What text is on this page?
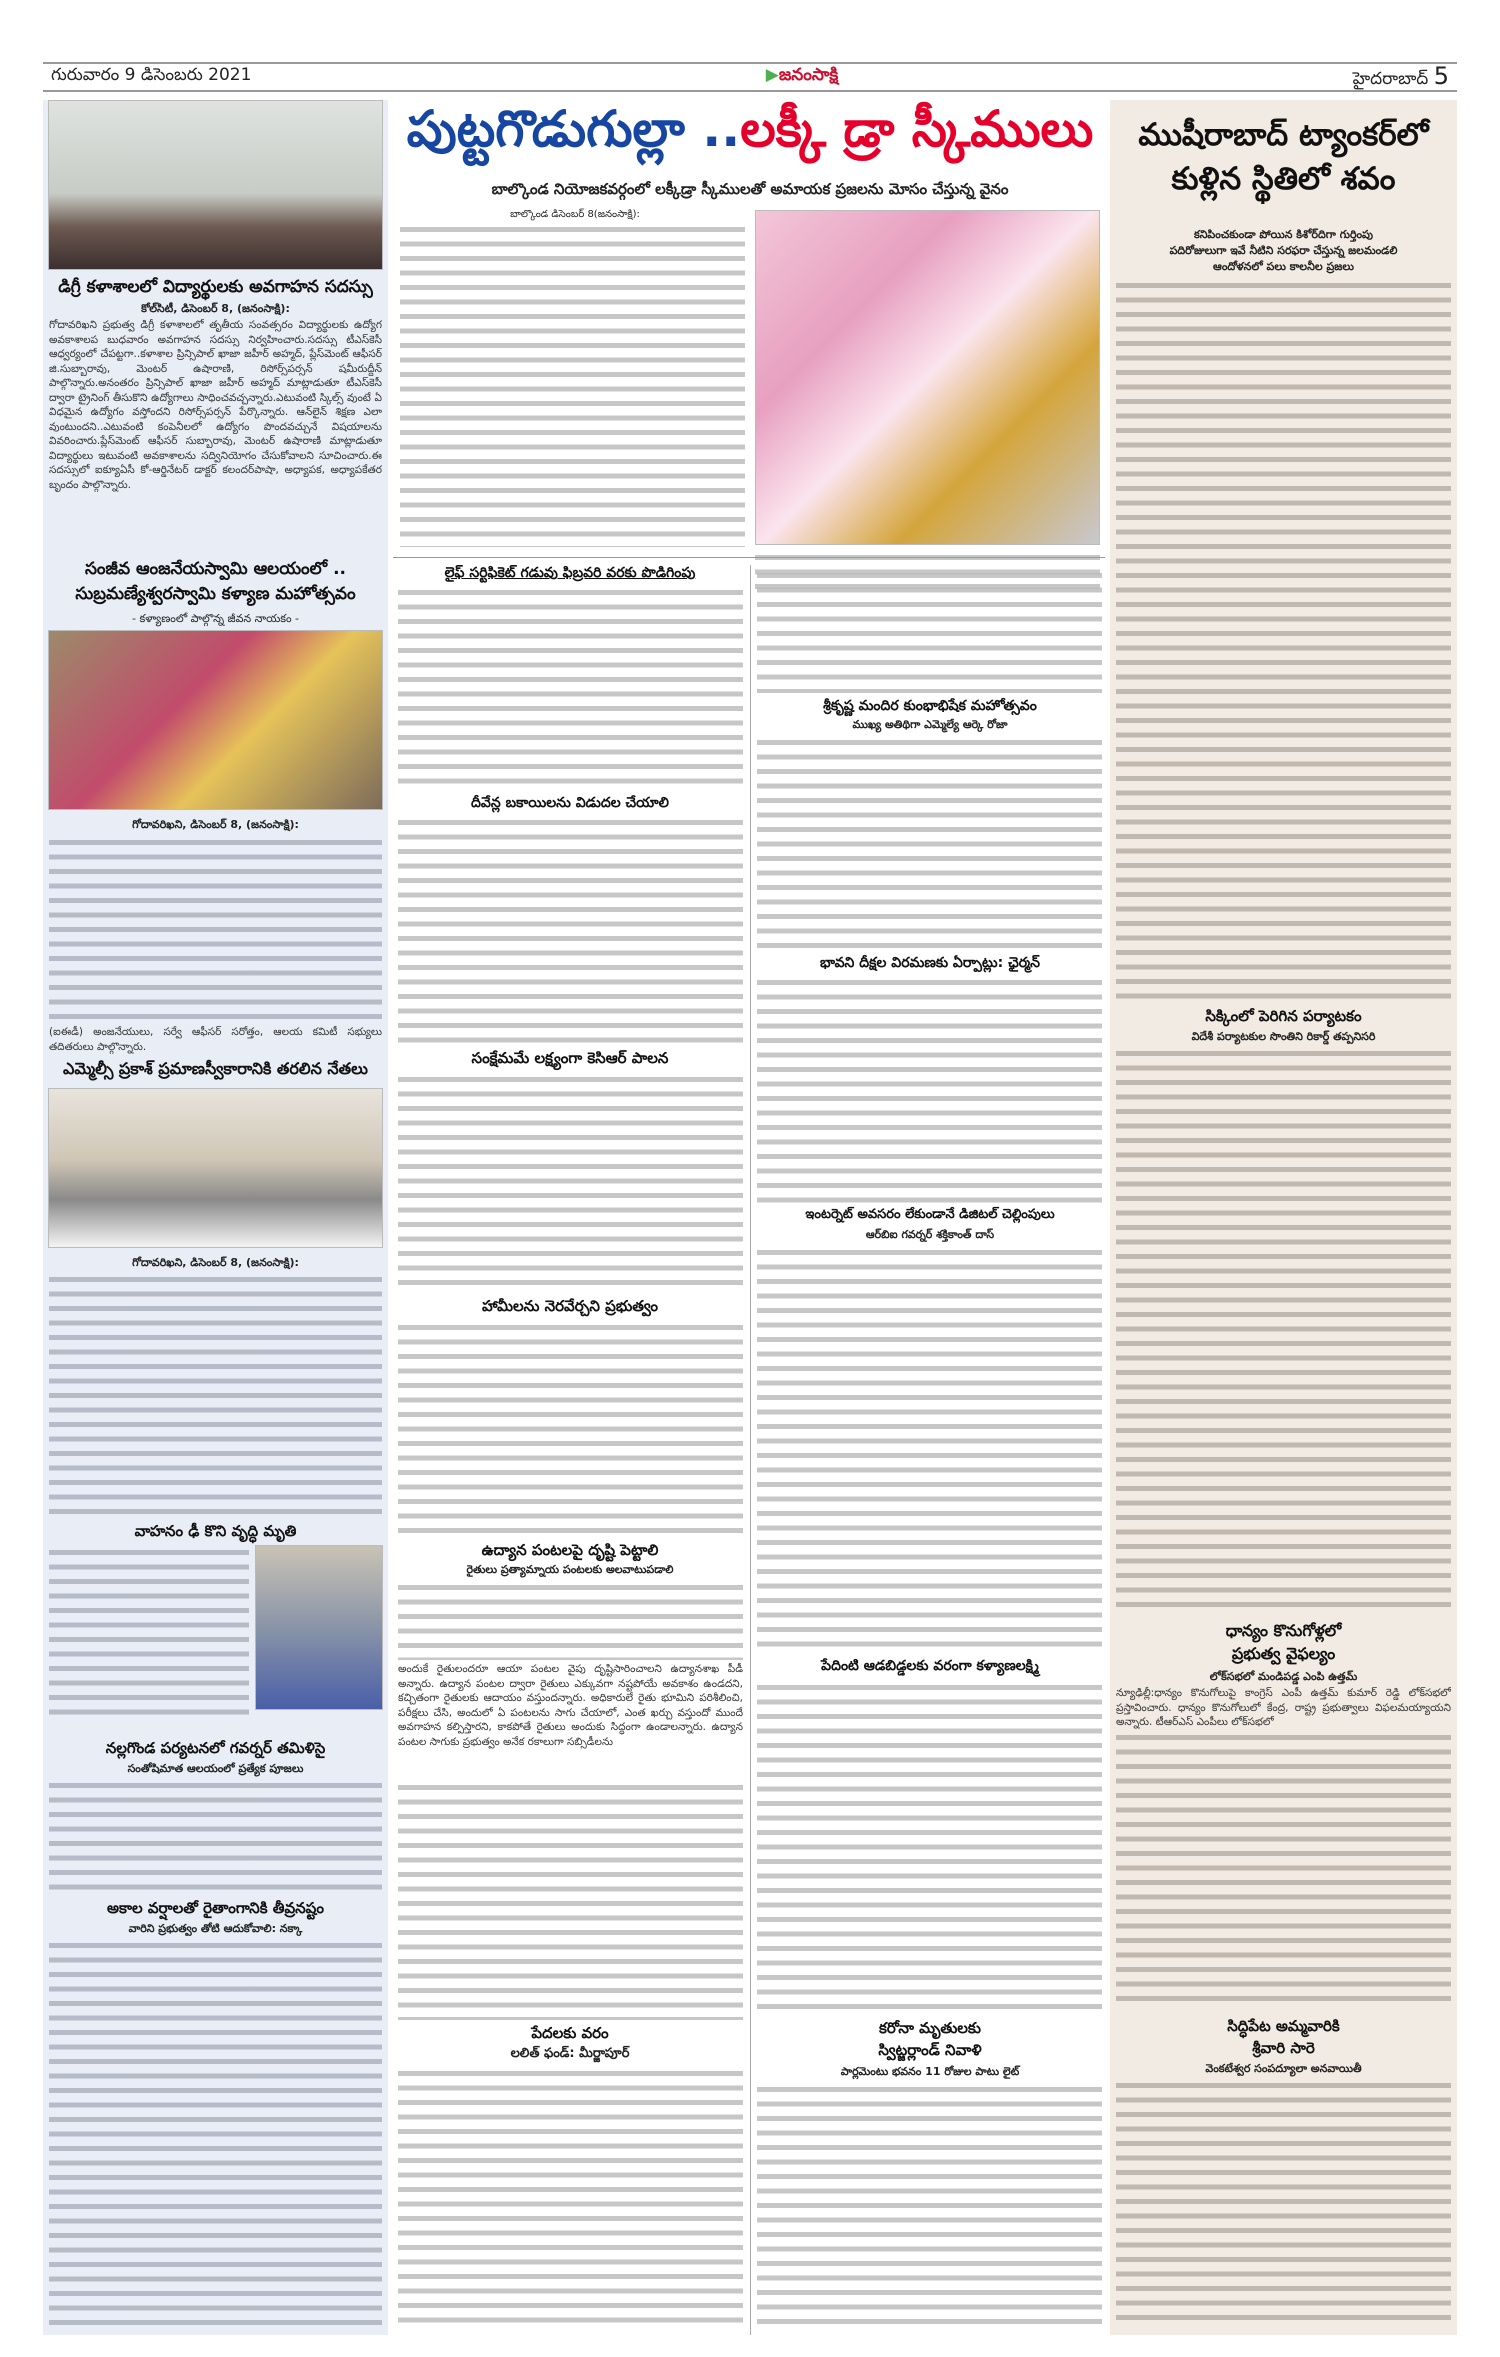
గురువారం 9 డిసెంబరు 2021	▶జనంసాక్షి	హైదరాబాద్ 5
డిగ్రీ కళాశాలలో విద్యార్థులకు అవగాహన సదస్సు
కోల్‌సిటీ, డిసెంబర్ 8, (జనంసాక్షి):
గోదావరిఖని ప్రభుత్వ డిగ్రీ కళాశాలలో తృతీయ సంవత్సరం విద్యార్థులకు ఉద్యోగ అవకాశాలప బుధవారం అవగాహన సదస్సు నిర్వహించారు.సదస్సు టీఎస్‌కెసీ ఆధ్వర్యంలో చేపట్టగా..కళాశాల ప్రిన్సిపాల్ ఖాజా జహీర్ అహ్మద్, ప్లేస్‌మెంట్ ఆఫీసర్ జి.సుబ్బారావు, మెంటర్ ఉషారాణి, రిసోర్స్‌పర్సన్ షమీరుద్దీన్ పాల్గొన్నారు.అనంతరం ప్రిన్సిపాల్ ఖాజా జహీర్ అహ్మద్ మాట్లాడుతూ టీఎస్‌కెసీ ద్వారా ట్రైనింగ్ తీసుకొని ఉద్యోగాలు సాధించవచ్చన్నారు.ఎటువంటి స్కిల్స్ వుంటే ఏ విధమైన ఉద్యోగం వస్తోందని రిసోర్స్‌పర్సన్ పేర్కొన్నారు. ఆన్‌లైన్ శిక్షణ ఎలా వుంటుందని..ఎటువంటి కంపెనీలలో ఉద్యోగం పొందవచ్చునే విషయాలను వివరించారు.ప్లేస్‌మెంట్ ఆఫీసర్ సుబ్బారావు, మెంటర్ ఉషారాణి మాట్లాడుతూ విద్యార్థులు ఇటువంటి అవకాశాలను సద్వినియోగం చేసుకోవాలని సూచించారు.ఈ సదస్సులో ఐక్యూఏసీ కో-ఆర్డినేటర్ డాక్టర్ కలందర్‌పాషా, అధ్యాపక, అధ్యాపకేతర బృందం పాల్గొన్నారు.
సంజీవ ఆంజనేయస్వామి ఆలయంలో ..
సుబ్రమణ్యేశ్వరస్వామి కళ్యాణ మహోత్సవం
- కళ్యాణంలో పాల్గొన్న జీవన నాయకం -
గోదావరిఖని, డిసెంబర్ 8, (జనంసాక్షి):
(ఐఈడీ) అంజనేయులు, సర్వే ఆఫీసర్ సరోత్తం, ఆలయ కమిటీ సభ్యులు తదితరులు పాల్గొన్నారు.
ఎమ్మెల్సీ ప్రకాశ్ ప్రమాణస్వీకారానికి తరలిన నేతలు
గోదావరిఖని, డిసెంబర్ 8, (జనంసాక్షి):
వాహనం ఢీ కొని వృద్ధి మృతి
నల్లగొండ పర్యటనలో గవర్నర్ తమిళిసై
సంతోషిమాత ఆలయంలో ప్రత్యేక పూజలు
అకాల వర్షాలతో రైతాంగానికి తీవ్రనష్టం
వారిని ప్రభుత్వం తోటి ఆదుకోవాలి: నక్కా
పుట్టగొడుగుల్లా ..లక్కీ డ్రా స్కీములు
బాల్కొండ నియోజకవర్గంలో లక్కీడ్రా స్కీములతో అమాయక ప్రజలను మోసం చేస్తున్న వైనం
బాల్కొండ డిసెంబర్ 8(జనంసాక్షి):
లైఫ్ సర్టిఫికెట్ గడువు ఫిబ్రవరి వరకు పొడిగింపు
దీవేన్ల బకాయిలను విడుదల చేయాలి
సంక్షేమమే లక్ష్యంగా కెసిఆర్ పాలన
హామీలను నెరవేర్చని ప్రభుత్వం
ఉద్యాన పంటలపై దృష్టి పెట్టాలి
రైతులు ప్రత్యామ్నాయ పంటలకు అలవాటుపడాలి
అందుకే రైతులందరూ ఆయా పంటల వైపు దృష్టిసారించాలని ఉద్యానశాఖ పీడీ అన్నారు. ఉద్యాన పంటల ద్వారా రైతులు ఎక్కువగా నష్టపోయే అవకాశం ఉండదని, కచ్చితంగా రైతులకు ఆదాయం వస్తుందన్నారు. అధికారులే రైతు భూమిని పరిశీలించి, పరీక్షలు చేసి, అందులో ఏ పంటలను సాగు చేయాలో, ఎంత ఖర్చు వస్తుందో ముందే అవగాహన కల్పిస్తారని, కాకపోతే రైతులు అందుకు సిద్ధంగా ఉండాలన్నారు. ఉద్యాన పంటల సాగుకు ప్రభుత్వం అనేక రకాలుగా సబ్సిడీలను
పేదలకు వరం
లలిత్ ఫండ్: మీర్జాపూర్
శ్రీకృష్ణ మందిర కుంభాభిషేక మహోత్సవం
ముఖ్య అతిథిగా ఎమ్మెల్యే ఆర్కె రోజా
భావని దీక్షల విరమణకు ఏర్పాట్లు: ఛైర్మన్
ఇంటర్నెట్ అవసరం లేకుండానే డిజిటల్ చెల్లింపులు
ఆర్‌బిఐ గవర్నర్ శక్తికాంత్ దాస్
పేదింటి ఆడబిడ్డలకు వరంగా కళ్యాణలక్ష్మి
కరోనా మృతులకు
స్విట్జర్లాండ్ నివాళి
పార్లమెంటు భవనం 11 రోజుల పాటు లైట్
ముషీరాబాద్ ట్యాంకర్‌లో
కుళ్లిన స్థితిలో శవం
కనిపించకుండా పోయిన కిశోర్‌దిగా గుర్తింపు
పదిరోజులుగా ఇవే నీటిని సరఫరా చేస్తున్న జలమండలి
ఆందోళనలో పలు కాలనీల ప్రజలు
సిక్కింలో పెరిగిన పర్యాటకం
విదేశీ పర్యాటకుల సొంతిని రికార్డ్ తప్పనిసరి
ధాన్యం కొనుగోళ్లలో
ప్రభుత్వ వైఫల్యం
లోక్‌సభలో మండిపడ్డ ఎంపి ఉత్తమ్
న్యూఢిల్లీ:ధాన్యం కొనుగోలుపై కాంగ్రెస్ ఎంపీ ఉత్తమ్ కుమార్ రెడ్డి లోక్‌సభలో ప్రస్తావించారు. ధాన్యం కొనుగోలులో కేంద్ర, రాష్ట్ర ప్రభుత్వాలు విఫలమయ్యాయని అన్నారు. టీఆర్‌ఎస్ ఎంపీలు లోక్‌సభలో
సిద్ధిపేట అమ్మవారికి
శ్రీవారి సారె
వెంకటేశ్వర సంపద్యూలా అనవాయితీ
